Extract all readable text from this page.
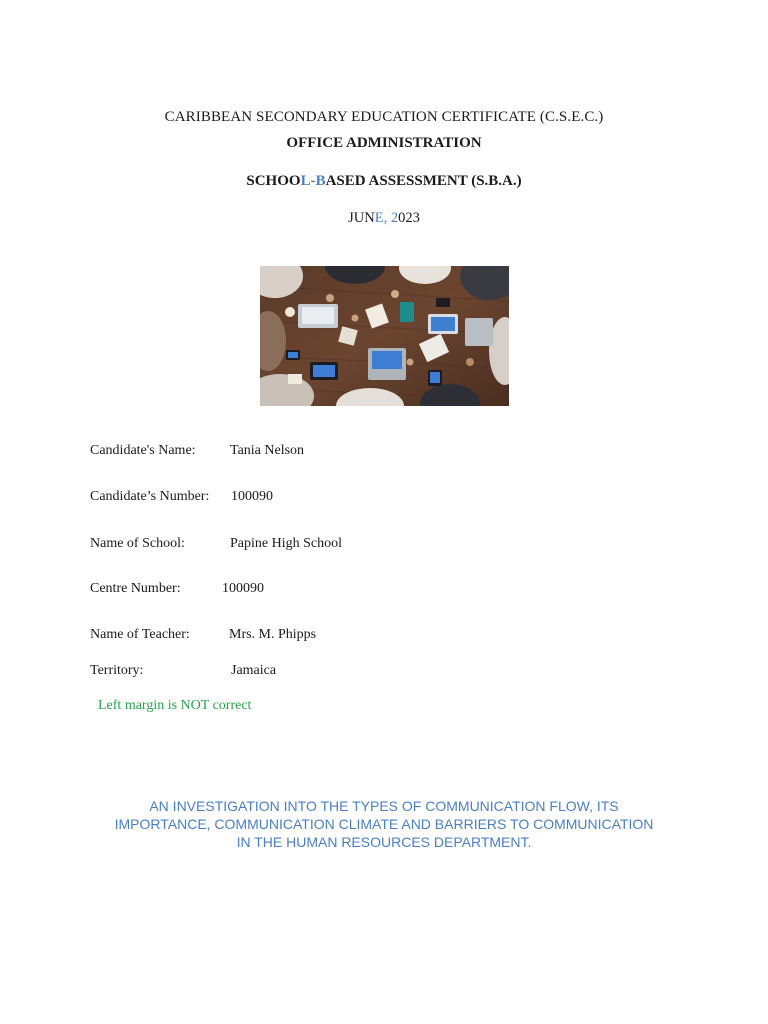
CARIBBEAN SECONDARY EDUCATION CERTIFICATE (C.S.E.C.)
OFFICE ADMINISTRATION
SCHOOL-BASED ASSESSMENT (S.B.A.)
JUNE, 2023
Candidate's Name: Tania Nelson
Candidate’s Number: 100090
Name of School:	Papine High School
Centre Number:	100090
Name of Teacher:	Mrs. M. Phipps
Territory:	Jamaica
Left margin is NOT correct
AN INVESTIGATION INTO THE TYPES OF COMMUNICATION FLOW, ITS
IMPORTANCE, COMMUNICATION CLIMATE AND BARRIERS TO COMMUNICATION
IN THE HUMAN RESOURCES DEPARTMENT.
